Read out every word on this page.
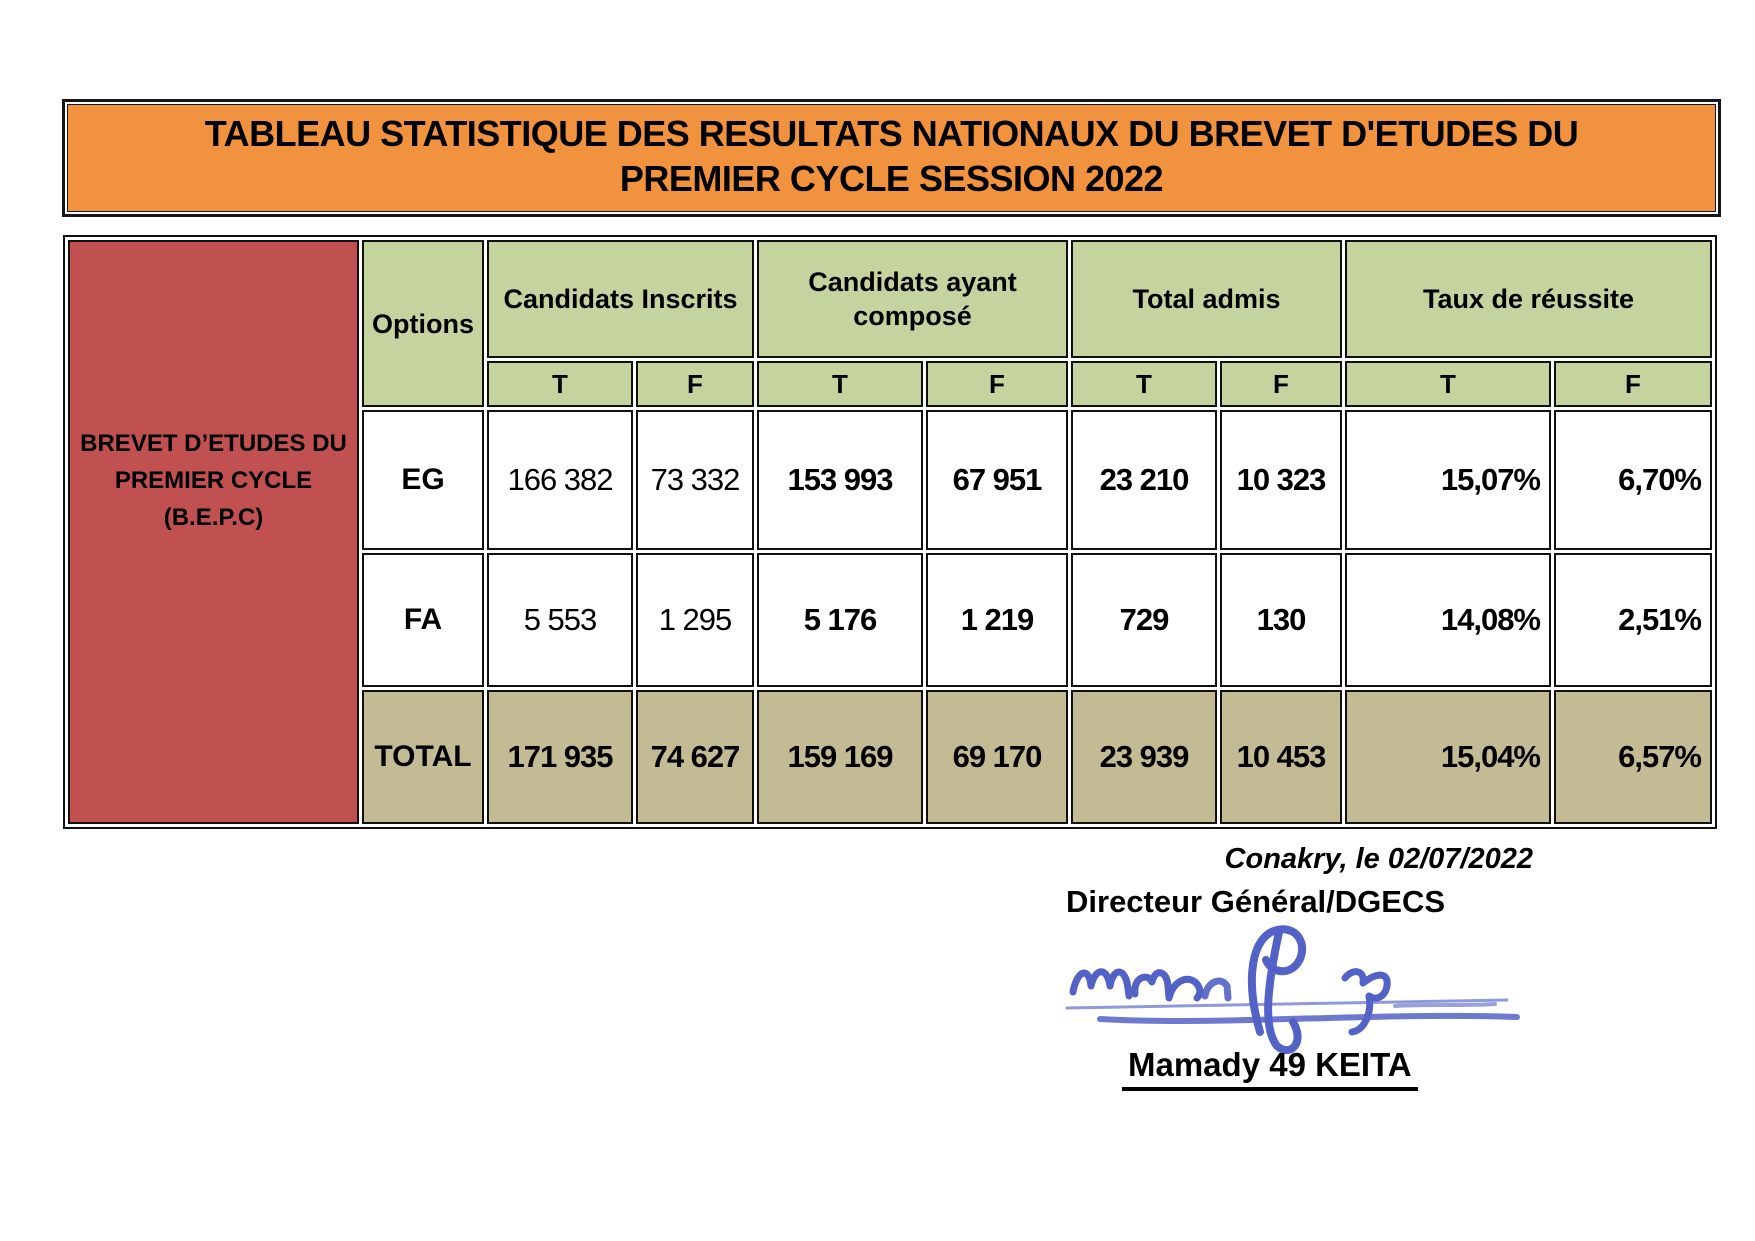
TABLEAU STATISTIQUE DES RESULTATS NATIONAUX DU BREVET D'ETUDES DU
PREMIER CYCLE SESSION 2022
BREVET D’ETUDES DU
PREMIER CYCLE
(B.E.P.C)	Options	Candidats Inscrits		Candidats ayant composé		Total admis		Taux de réussite	
		T	F	T	F	T	F	T	F
	EG	166 382	73 332	153 993	67 951	23 210	10 323	15,07%	6,70%
	FA	5 553	1 295	5 176	1 219	729	130	14,08%	2,51%
	TOTAL	171 935	74 627	159 169	69 170	23 939	10 453	15,04%	6,57%
Conakry, le 02/07/2022
Directeur Général/DGECS
Mamady 49 KEITA
